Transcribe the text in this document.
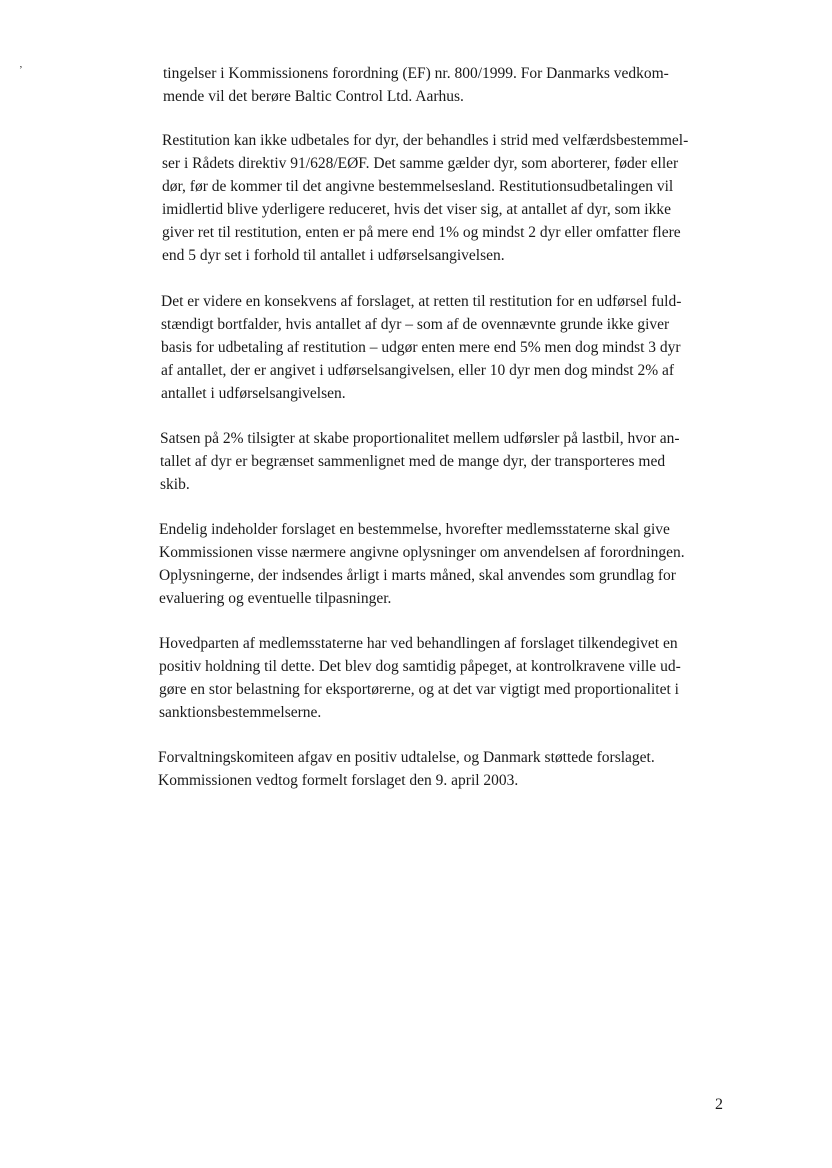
ʼ	tingelser i Kommissionens forordning (EF) nr. 800/1999. For Danmarks vedkom-
mende vil det berøre Baltic Control Ltd. Aarhus.

Restitution kan ikke udbetales for dyr, der behandles i strid med velfærdsbestemmel-
ser i Rådets direktiv 91/628/EØF. Det samme gælder dyr, som aborterer, føder eller
dør, før de kommer til det angivne bestemmelsesland. Restitutionsudbetalingen vil
imidlertid blive yderligere reduceret, hvis det viser sig, at antallet af dyr, som ikke
giver ret til restitution, enten er på mere end 1% og mindst 2 dyr eller omfatter flere
end 5 dyr set i forhold til antallet i udførselsangivelsen.

Det er videre en konsekvens af forslaget, at retten til restitution for en udførsel fuld-
stændigt bortfalder, hvis antallet af dyr – som af de ovennævnte grunde ikke giver
basis for udbetaling af restitution – udgør enten mere end 5% men dog mindst 3 dyr
af antallet, der er angivet i udførselsangivelsen, eller 10 dyr men dog mindst 2% af
antallet i udførselsangivelsen.

Satsen på 2% tilsigter at skabe proportionalitet mellem udførsler på lastbil, hvor an-
tallet af dyr er begrænset sammenlignet med de mange dyr, der transporteres med
skib.

Endelig indeholder forslaget en bestemmelse, hvorefter medlemsstaterne skal give
Kommissionen visse nærmere angivne oplysninger om anvendelsen af forordningen.
Oplysningerne, der indsendes årligt i marts måned, skal anvendes som grundlag for
evaluering og eventuelle tilpasninger.

Hovedparten af medlemsstaterne har ved behandlingen af forslaget tilkendegivet en
positiv holdning til dette. Det blev dog samtidig påpeget, at kontrolkravene ville ud-
gøre en stor belastning for eksportørerne, og at det var vigtigt med proportionalitet i
sanktionsbestemmelserne.

Forvaltningskomiteen afgav en positiv udtalelse, og Danmark støttede forslaget.
Kommissionen vedtog formelt forslaget den 9. april 2003.

2
